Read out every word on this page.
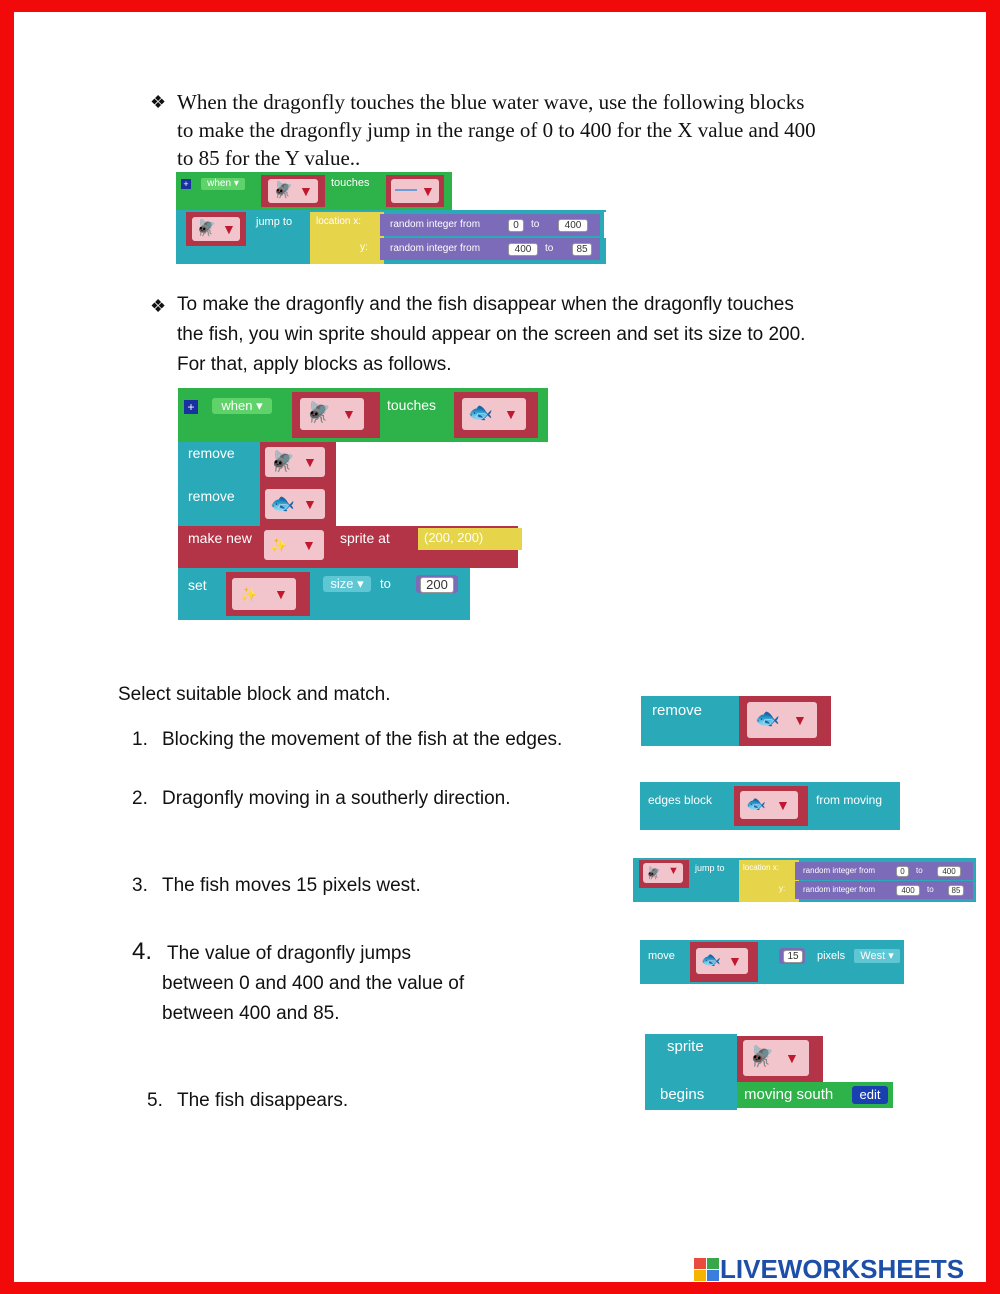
❖ When the dragonfly touches the blue water wave, use the following blocks
to make the dragonfly jump in the range of 0 to 400 for the X value and 400
to 85 for the Y value..
+	when ▾	🪰 ▼ touches	▼
🪰 ▼ jump to location x:
y:
random integer from	0	to	400
random integer from	400	to	85
❖ To make the dragonfly and the fish disappear when the dragonfly touches
the fish, you win sprite should appear on the screen and set its size to 200.
For that, apply blocks as follows.
+	when ▾	🪰 ▼
touches 🐟 ▼
remove 🪰 ▼
remove 🐟 ▼
make new ✨ ▼ sprite at	(200, 200)
set
✨ ▼
size ▾	to	200
Select suitable block and match.
1. Blocking the movement of the fish at the edges.
2. Dragonfly moving in a southerly direction.
3. The fish moves 15 pixels west.
4. The value of dragonfly jumps
between 0 and 400 and the value of
between 400 and 85.
5. The fish disappears.
remove	🐟 ▼
edges block 🐟 ▼ from moving
🪰 ▼ jump to location x:
y:
random integer from	0	to	400
random integer from	400	to	85
move 🐟 ▼	15	pixels	West ▾
sprite
begins
🪰 ▼
moving south	edit
LIVEWORKSHEETS
